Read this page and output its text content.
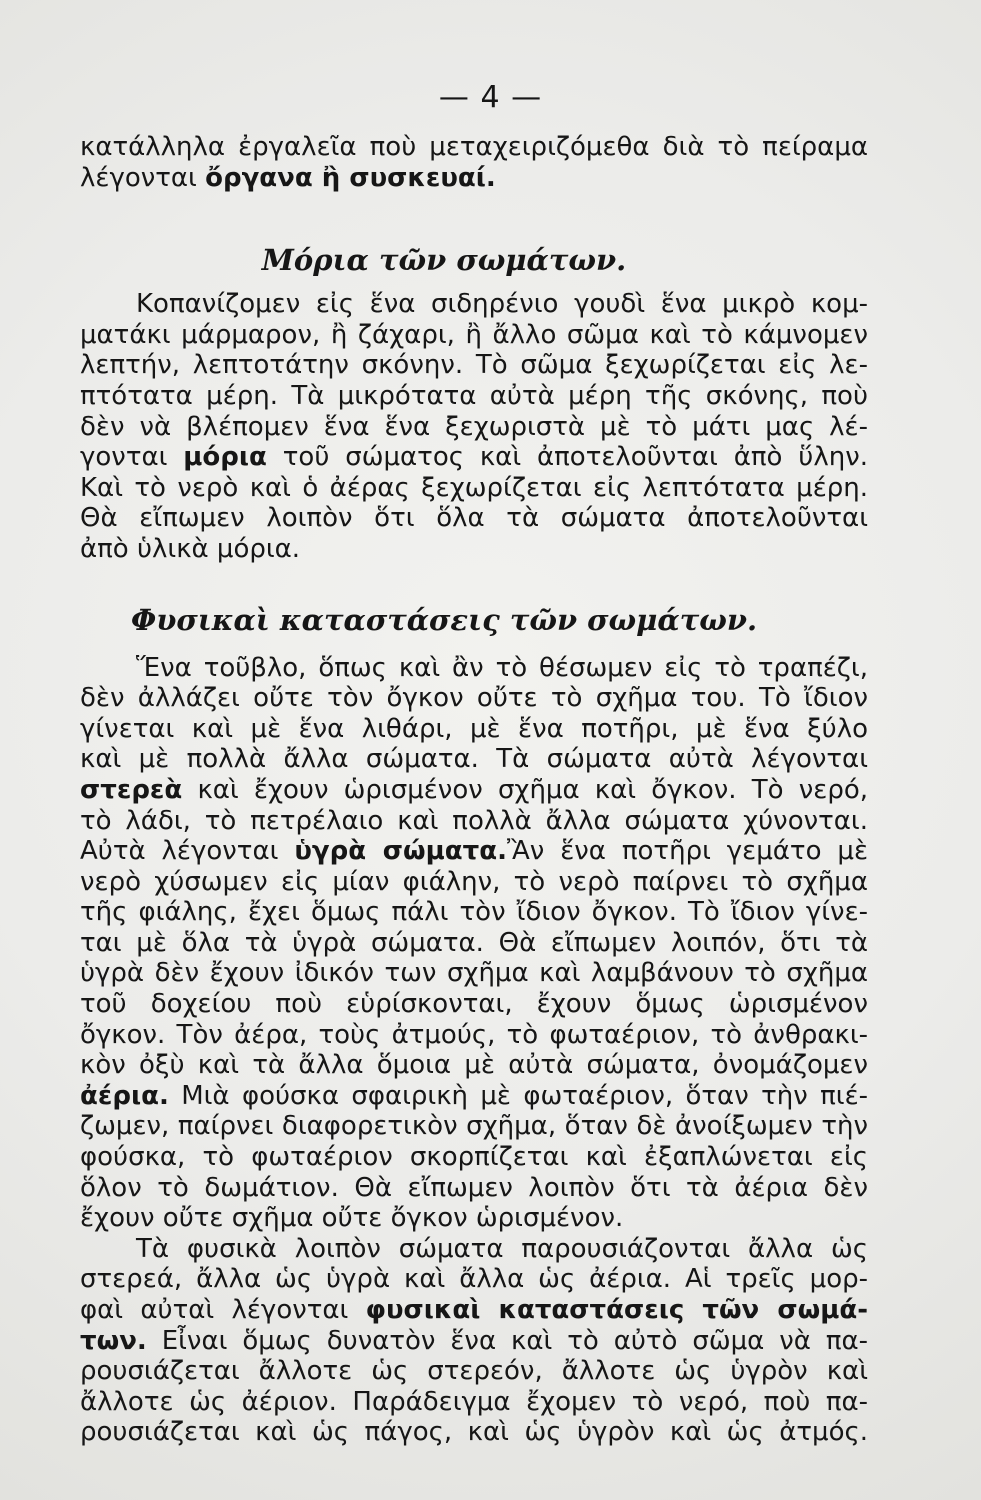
— 4 —

κατάλληλα ἐργαλεῖα ποὺ μεταχειριζόμεθα διὰ τὸ πείραμα
λέγονται ὄργανα ἢ συσκευαί.

Μόρια τῶν σωμάτων.

Κοπανίζομεν εἰς ἕνα σιδηρένιο γουδὶ ἕνα μικρὸ κομ-
ματάκι μάρμαρον, ἢ ζάχαρι, ἢ ἄλλο σῶμα καὶ τὸ κάμνομεν
λεπτήν, λεπτοτάτην σκόνην. Τὸ σῶμα ξεχωρίζεται εἰς λε-
πτότατα μέρη. Τὰ μικρότατα αὐτὰ μέρη τῆς σκόνης, ποὺ
δὲν νὰ βλέπομεν ἕνα ἕνα ξεχωριστὰ μὲ τὸ μάτι μας λέ-
γονται μόρια τοῦ σώματος καὶ ἀποτελοῦνται ἀπὸ ὕλην.
Καὶ τὸ νερὸ καὶ ὁ ἀέρας ξεχωρίζεται εἰς λεπτότατα μέρη.
Θὰ εἴπωμεν λοιπὸν ὅτι ὅλα τὰ σώματα ἀποτελοῦνται
ἀπὸ ὑλικὰ μόρια.

Φυσικαὶ καταστάσεις τῶν σωμάτων.

Ἕνα τοῦβλο, ὅπως καὶ ἂν τὸ θέσωμεν εἰς τὸ τραπέζι,
δὲν ἀλλάζει οὔτε τὸν ὄγκον οὔτε τὸ σχῆμα του. Τὸ ἴδιον
γίνεται καὶ μὲ ἕνα λιθάρι, μὲ ἕνα ποτῆρι, μὲ ἕνα ξύλο
καὶ μὲ πολλὰ ἄλλα σώματα. Τὰ σώματα αὐτὰ λέγονται
στερεὰ καὶ ἔχουν ὡρισμένον σχῆμα καὶ ὄγκον. Τὸ νερό,
τὸ λάδι, τὸ πετρέλαιο καὶ πολλὰ ἄλλα σώματα χύνονται.
Αὐτὰ λέγονται ὑγρὰ σώματα.Ἂν ἕνα ποτῆρι γεμάτο μὲ
νερὸ χύσωμεν εἰς μίαν φιάλην, τὸ νερὸ παίρνει τὸ σχῆμα
τῆς φιάλης, ἔχει ὅμως πάλι τὸν ἴδιον ὄγκον. Τὸ ἴδιον γίνε-
ται μὲ ὅλα τὰ ὑγρὰ σώματα. Θὰ εἴπωμεν λοιπόν, ὅτι τὰ
ὑγρὰ δὲν ἔχουν ἰδικόν των σχῆμα καὶ λαμβάνουν τὸ σχῆμα
τοῦ δοχείου ποὺ εὑρίσκονται, ἔχουν ὅμως ὡρισμένον
ὄγκον. Τὸν ἀέρα, τοὺς ἀτμούς, τὸ φωταέριον, τὸ ἀνθρακι-
κὸν ὀξὺ καὶ τὰ ἄλλα ὅμοια μὲ αὐτὰ σώματα, ὀνομάζομεν
ἀέρια. Μιὰ φούσκα σφαιρικὴ μὲ φωταέριον, ὅταν τὴν πιέ-
ζωμεν, παίρνει διαφορετικὸν σχῆμα, ὅταν δὲ ἀνοίξωμεν τὴν
φούσκα, τὸ φωταέριον σκορπίζεται καὶ ἐξαπλώνεται εἰς
ὅλον τὸ δωμάτιον. Θὰ εἴπωμεν λοιπὸν ὅτι τὰ ἀέρια δὲν
ἔχουν οὔτε σχῆμα οὔτε ὄγκον ὡρισμένον.

Τὰ φυσικὰ λοιπὸν σώματα παρουσιάζονται ἄλλα ὡς
στερεά, ἄλλα ὡς ὑγρὰ καὶ ἄλλα ὡς ἀέρια. Αἱ τρεῖς μορ-
φαὶ αὐταὶ λέγονται φυσικαὶ καταστάσεις τῶν σωμά-
των. Εἶναι ὅμως δυνατὸν ἕνα καὶ τὸ αὐτὸ σῶμα νὰ πα-
ρουσιάζεται ἄλλοτε ὡς στερεόν, ἄλλοτε ὡς ὑγρὸν καὶ
ἄλλοτε ὡς ἀέριον. Παράδειγμα ἔχομεν τὸ νερό, ποὺ πα-
ρουσιάζεται καὶ ὡς πάγος, καὶ ὡς ὑγρὸν καὶ ὡς ἀτμός.
